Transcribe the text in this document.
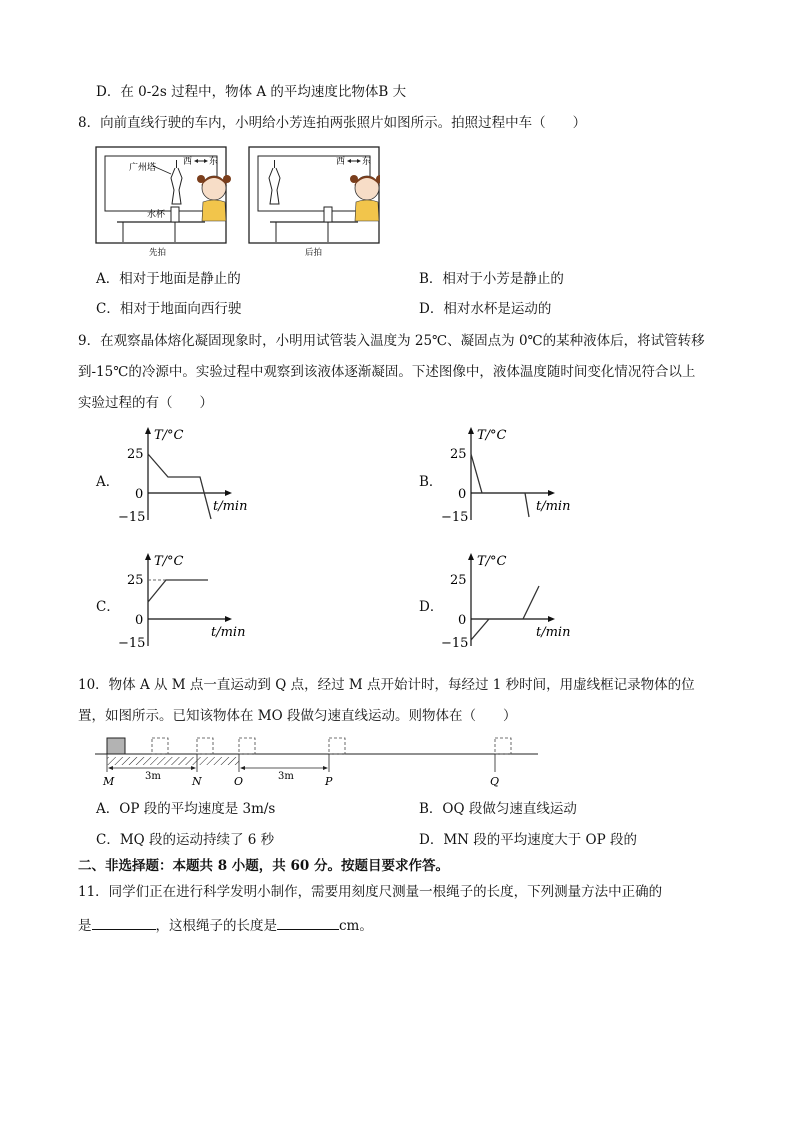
D．在 0-2s 过程中，物体 A 的平均速度比物体B 大
8．向前直线行驶的车内，小明给小芳连拍两张照片如图所示。拍照过程中车（　　）
广州塔
西 东
水杯
先拍
西 东
后拍
A．相对于地面是静止的	B．相对于小芳是静止的
C．相对于地面向西行驶	D．相对水杯是运动的
9．在观察晶体熔化凝固现象时，小明用试管装入温度为 25℃、凝固点为 0℃的某种液体后，将试管转移
到-15℃的冷源中。实验过程中观察到该液体逐渐凝固。下述图像中，液体温度随时间变化情况符合以上
实验过程的有（　　）
A．	B．
C．	D．
T/°C
25
0
−15
t/min
T/°C
25
0
−15
t/min
T/°C
25
0
−15
t/min
T/°C
25
0
−15
t/min
10．物体 A 从 M 点一直运动到 Q 点，经过 M 点开始计时，每经过 1 秒时间，用虚线框记录物体的位
置，如图所示。已知该物体在 MO 段做匀速直线运动。则物体在（　　）
3m	3m
M	N	O	P	Q
A．OP 段的平均速度是 3m/s	B．OQ 段做匀速直线运动
C．MQ 段的运动持续了 6 秒	D．MN 段的平均速度大于 OP 段的
二、非选择题：本题共 8 小题，共 60 分。按题目要求作答。
11．同学们正在进行科学发明小制作，需要用刻度尺测量一根绳子的长度，下列测量方法中正确的
是	，这根绳子的长度是	cm。
